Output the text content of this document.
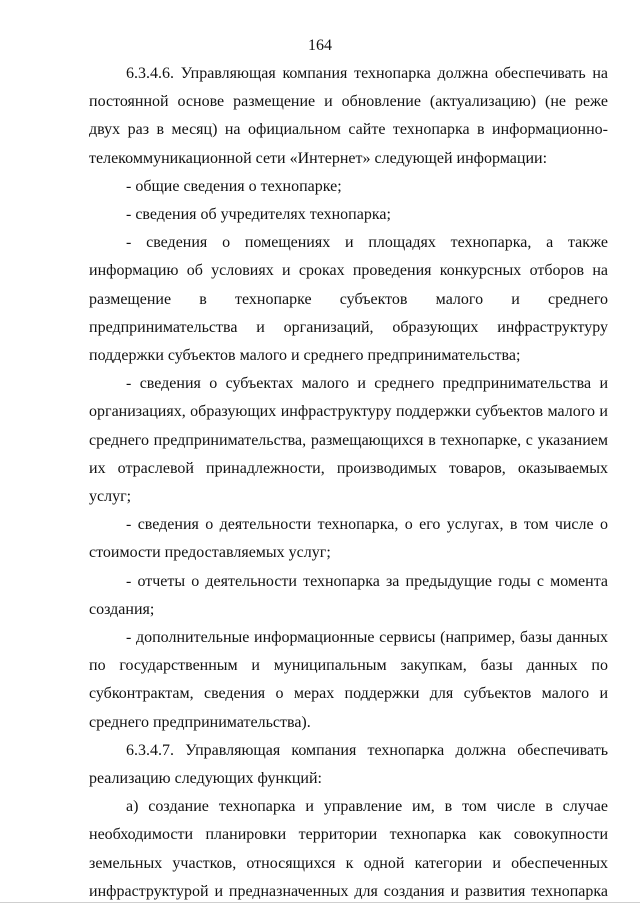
164

6.3.4.6. Управляющая компания технопарка должна обеспечивать на постоянной основе размещение и обновление (актуализацию) (не реже двух раз в месяц) на официальном сайте технопарка в информационно-телекоммуникационной сети «Интернет» следующей информации:

- общие сведения о технопарке;

- сведения об учредителях технопарка;

- сведения о помещениях и площадях технопарка, а также информацию об условиях и сроках проведения конкурсных отборов на размещение в технопарке субъектов малого и среднего предпринимательства и организаций, образующих инфраструктуру поддержки субъектов малого и среднего предпринимательства;

- сведения о субъектах малого и среднего предпринимательства и организациях, образующих инфраструктуру поддержки субъектов малого и среднего предпринимательства, размещающихся в технопарке, с указанием их отраслевой принадлежности, производимых товаров, оказываемых услуг;

- сведения о деятельности технопарка, о его услугах, в том числе о стоимости предоставляемых услуг;

- отчеты о деятельности технопарка за предыдущие годы с момента создания;

- дополнительные информационные сервисы (например, базы данных по государственным и муниципальным закупкам, базы данных по субконтрактам, сведения о мерах поддержки для субъектов малого и среднего предпринимательства).

6.3.4.7. Управляющая компания технопарка должна обеспечивать реализацию следующих функций:

а) создание технопарка и управление им, в том числе в случае необходимости планировки территории технопарка как совокупности земельных участков, относящихся к одной категории и обеспеченных инфраструктурой и предназначенных для создания и развития технопарка
